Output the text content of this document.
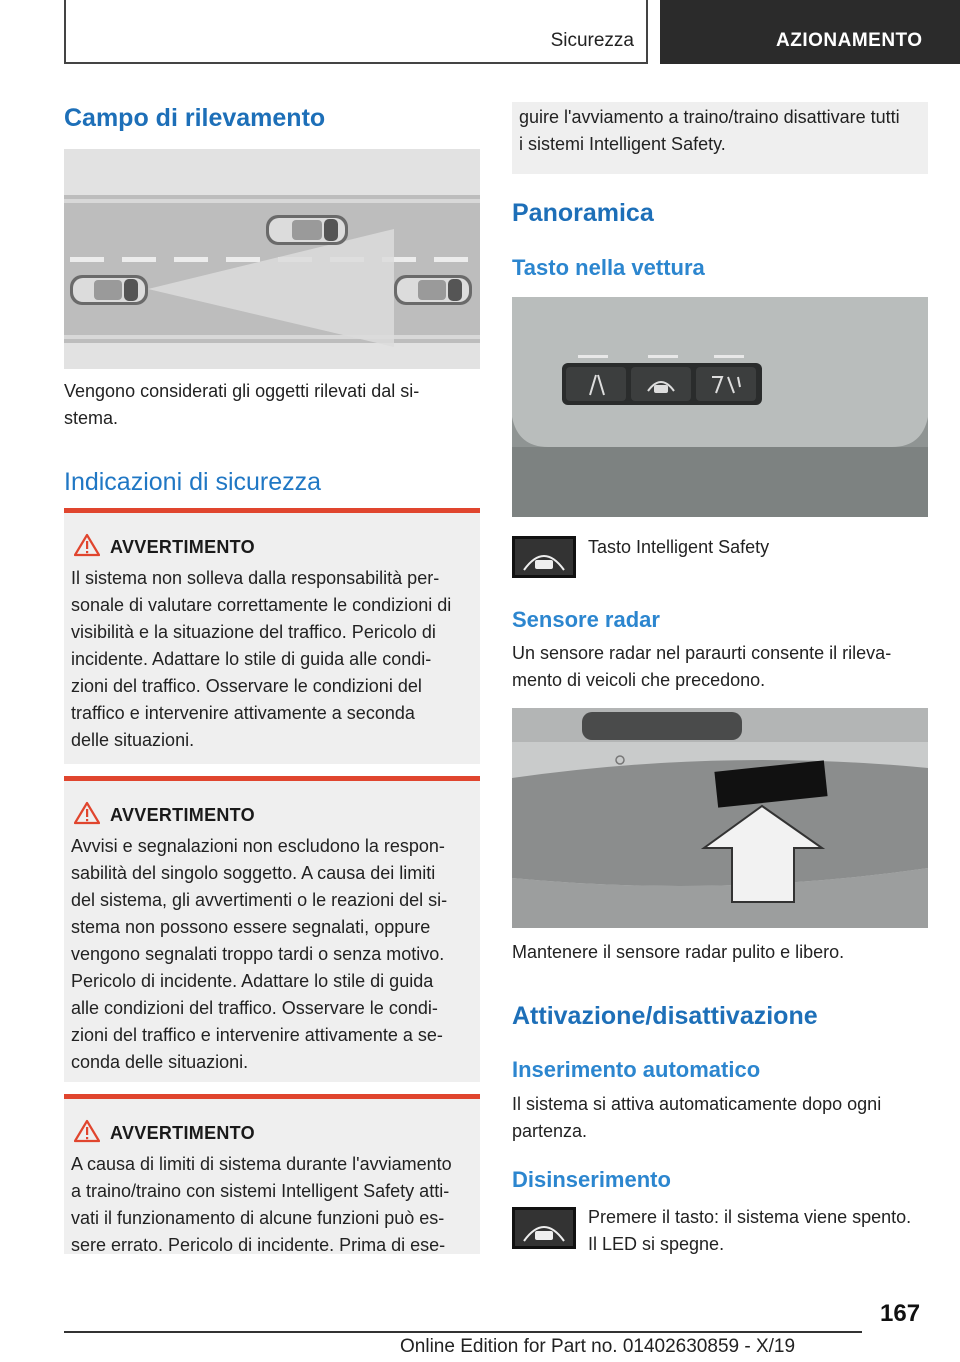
Sicurezza	AZIONAMENTO
Campo di rilevamento
Vengono considerati gli oggetti rilevati dal si-
stema.
Indicazioni di sicurezza
AVVERTIMENTO
Il sistema non solleva dalla responsabilità per-
sonale di valutare correttamente le condizioni di
visibilità e la situazione del traffico. Pericolo di
incidente. Adattare lo stile di guida alle condi-
zioni del traffico. Osservare le condizioni del
traffico e intervenire attivamente a seconda
delle situazioni.
AVVERTIMENTO
Avvisi e segnalazioni non escludono la respon-
sabilità del singolo soggetto. A causa dei limiti
del sistema, gli avvertimenti o le reazioni del si-
stema non possono essere segnalati, oppure
vengono segnalati troppo tardi o senza motivo.
Pericolo di incidente. Adattare lo stile di guida
alle condizioni del traffico. Osservare le condi-
zioni del traffico e intervenire attivamente a se-
conda delle situazioni.
AVVERTIMENTO
A causa di limiti di sistema durante l'avviamento
a traino/traino con sistemi Intelligent Safety atti-
vati il funzionamento di alcune funzioni può es-
sere errato. Pericolo di incidente. Prima di ese-
guire l'avviamento a traino/traino disattivare tutti
i sistemi Intelligent Safety.
Panoramica
Tasto nella vettura
Tasto Intelligent Safety
Sensore radar
Un sensore radar nel paraurti consente il rileva-
mento di veicoli che precedono.
Mantenere il sensore radar pulito e libero.
Attivazione/disattivazione
Inserimento automatico
Il sistema si attiva automaticamente dopo ogni
partenza.
Disinserimento
Premere il tasto: il sistema viene spento.
Il LED si spegne.
167
Online Edition for Part no. 01402630859 - X/19
